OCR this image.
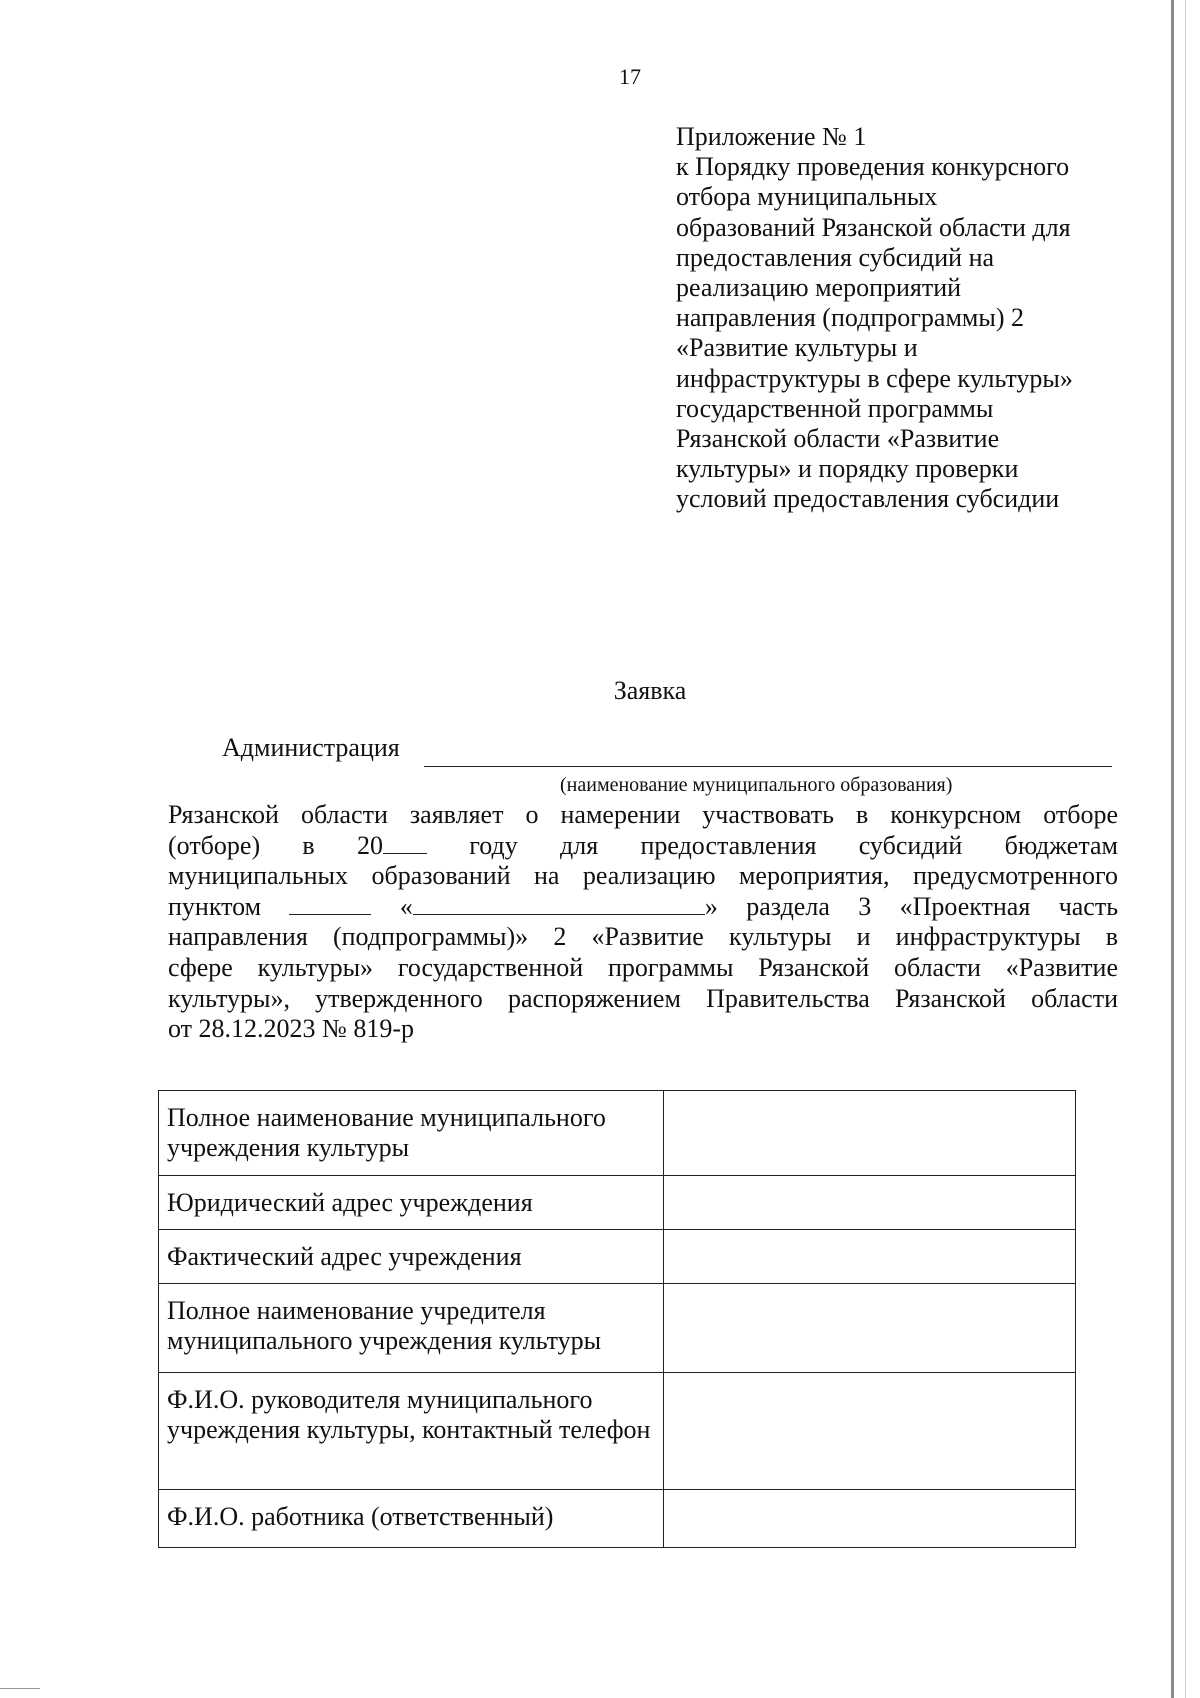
17
Приложение № 1
к Порядку проведения конкурсного
отбора муниципальных
образований Рязанской области для
предоставления субсидий на
реализацию мероприятий
направления (подпрограммы) 2
«Развитие культуры и
инфраструктуры в сфере культуры»
государственной программы
Рязанской области «Развитие
культуры» и порядку проверки
условий предоставления субсидии
Заявка
Администрация
(наименование муниципального образования)
Рязанской области заявляет о намерении участвовать в конкурсном отборе
(отборе) в 20	году для предоставления субсидий бюджетам
муниципальных образований на реализацию мероприятия, предусмотренного
пунктом	«	» раздела 3 «Проектная часть
направления (подпрограммы)» 2 «Развитие культуры и инфраструктуры в
сфере культуры» государственной программы Рязанской области «Развитие
культуры», утвержденного распоряжением Правительства Рязанской области
от 28.12.2023 № 819-р
Полное наименование муниципального учреждения культуры	
Юридический адрес учреждения	
Фактический адрес учреждения	
Полное наименование учредителя муниципального учреждения культуры	
Ф.И.О. руководителя муниципального учреждения культуры, контактный телефон	
Ф.И.О. работника (ответственный)	
